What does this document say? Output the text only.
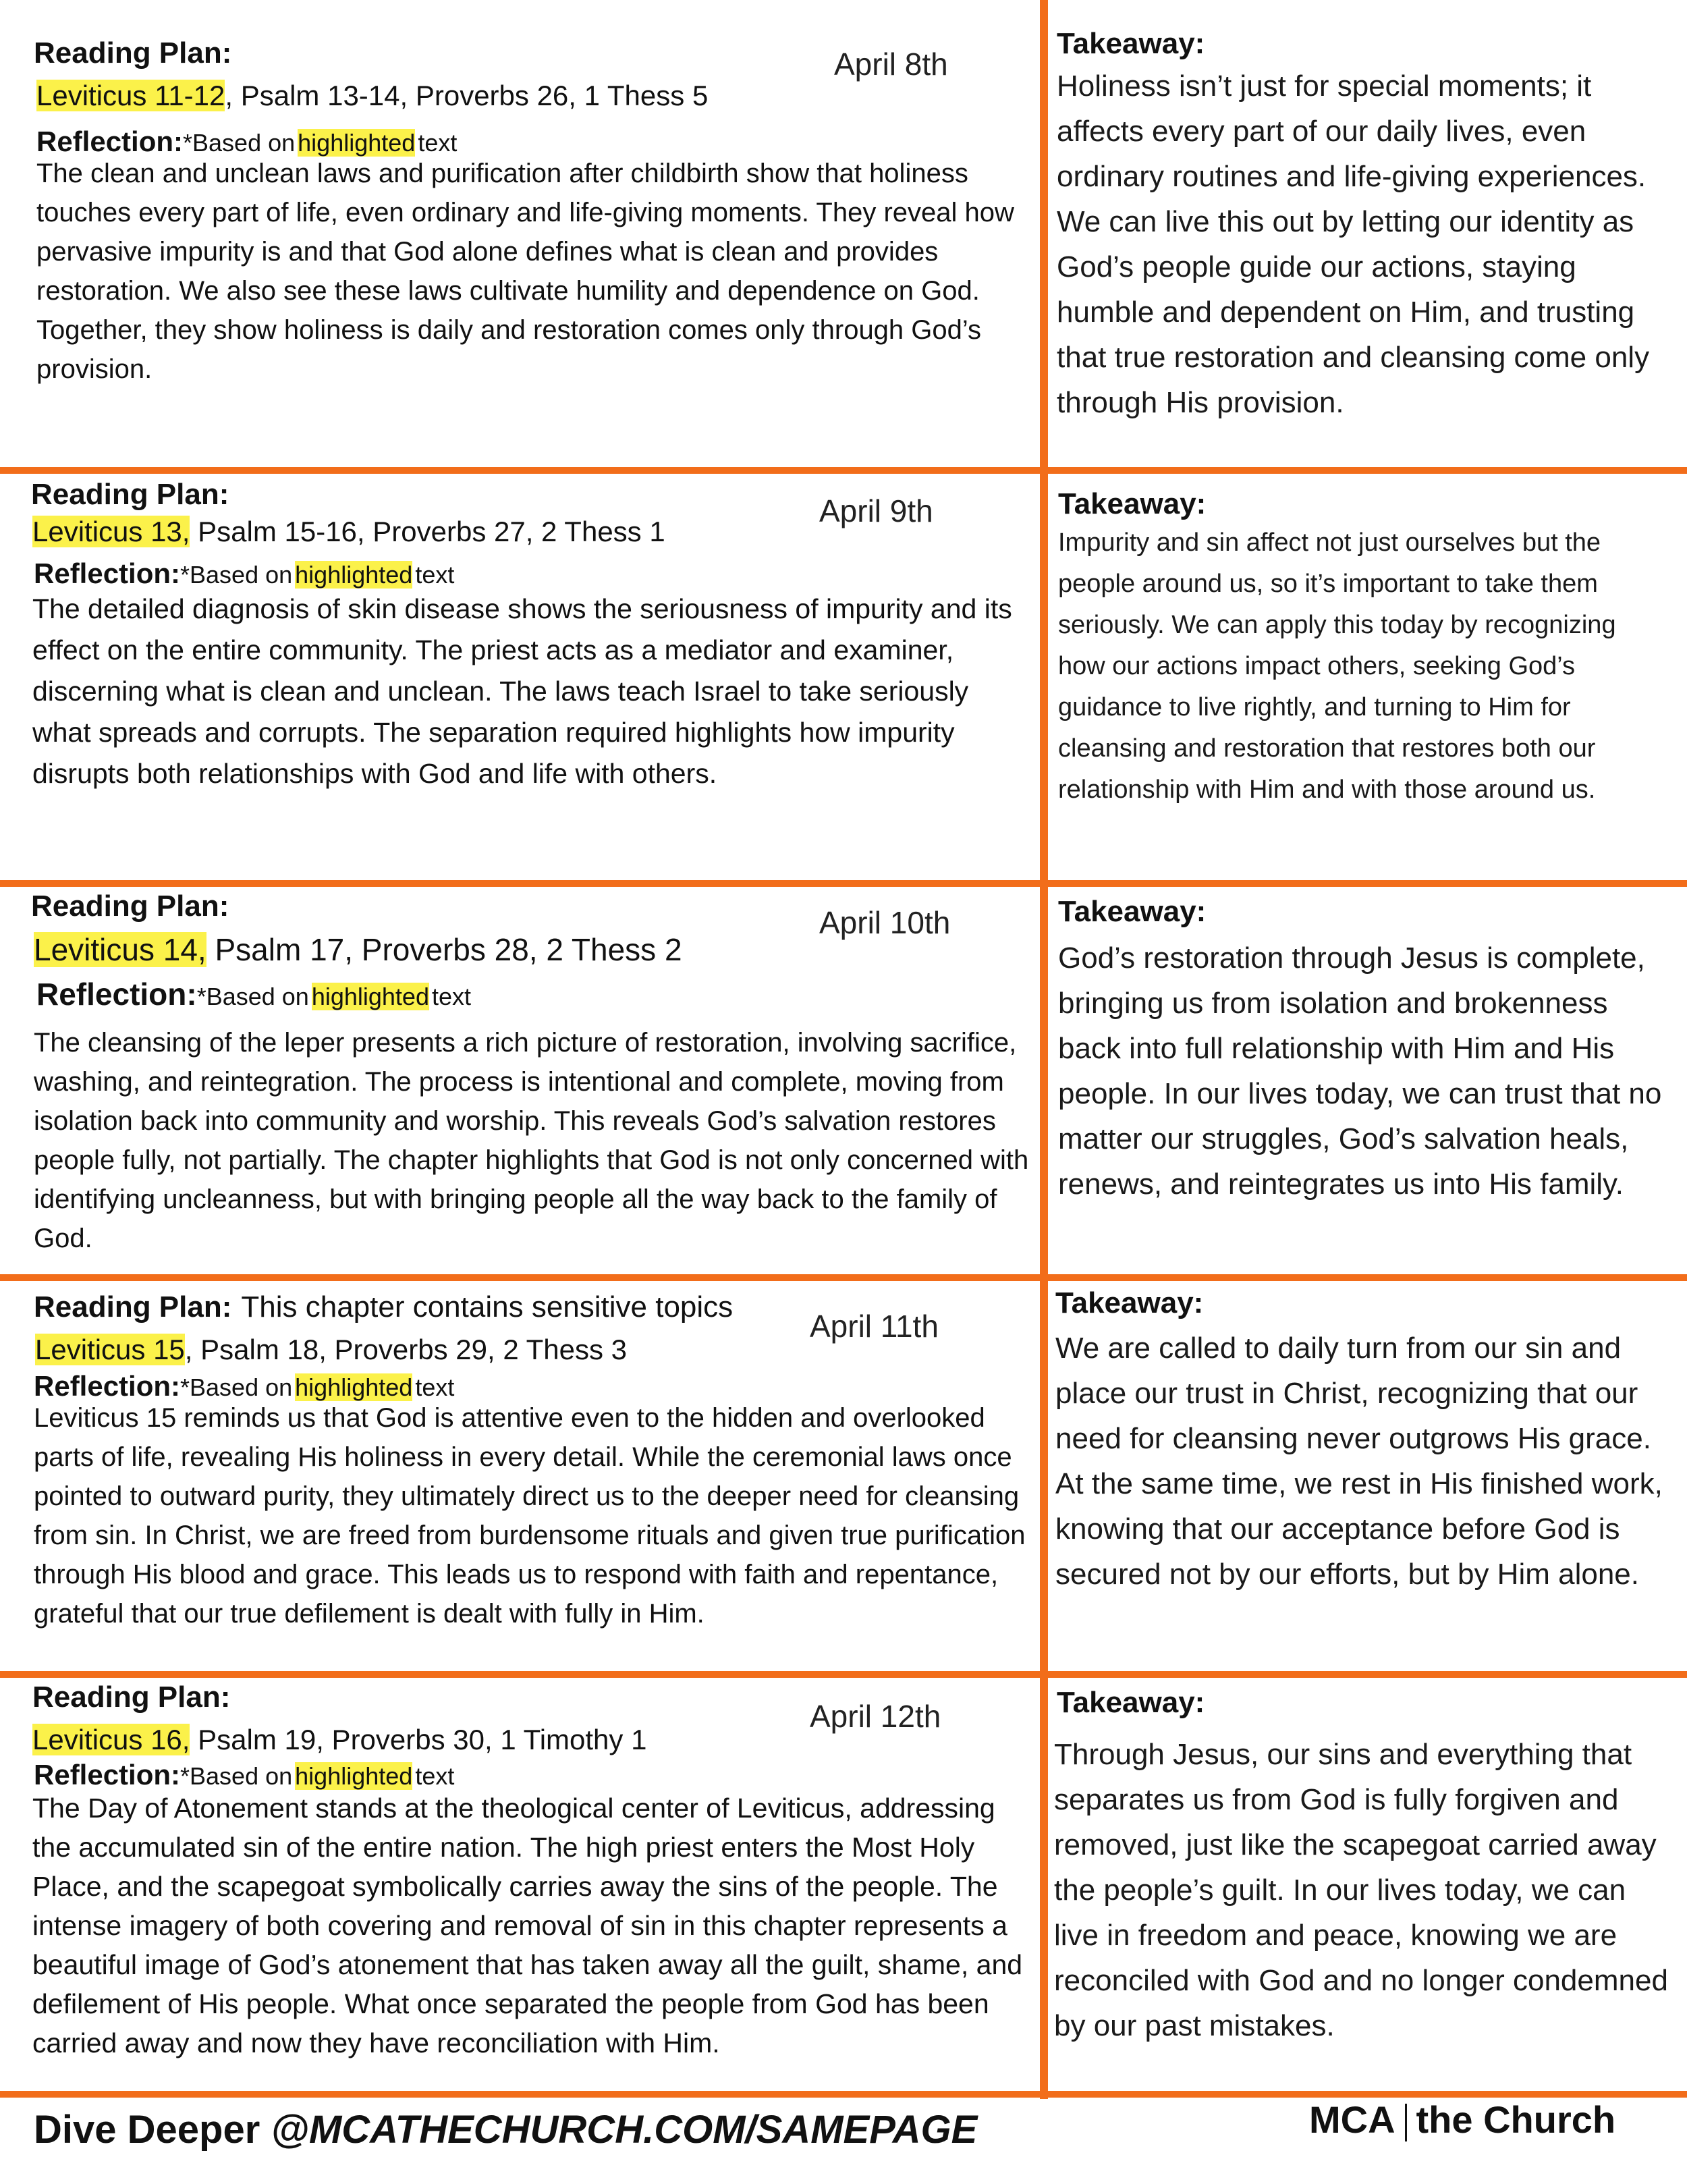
Reading Plan:	April 8th
Leviticus 11-12, Psalm 13-14, Proverbs 26, 1 Thess 5
Reflection:*Based on highlighted text
The clean and unclean laws and purification after childbirth show that holiness touches every part of life, even ordinary and life-giving moments. They reveal how pervasive impurity is and that God alone defines what is clean and provides restoration. We also see these laws cultivate humility and dependence on God. Together, they show holiness is daily and restoration comes only through God’s provision.
Takeaway:
Holiness isn’t just for special moments; it affects every part of our daily lives, even ordinary routines and life-giving experiences. We can live this out by letting our identity as God’s people guide our actions, staying humble and dependent on Him, and trusting that true restoration and cleansing come only through His provision.
Reading Plan:	April 9th
Leviticus 13, Psalm 15-16, Proverbs 27, 2 Thess 1
Reflection:*Based on highlighted text
The detailed diagnosis of skin disease shows the seriousness of impurity and its effect on the entire community. The priest acts as a mediator and examiner, discerning what is clean and unclean. The laws teach Israel to take seriously what spreads and corrupts. The separation required highlights how impurity disrupts both relationships with God and life with others.
Takeaway:
Impurity and sin affect not just ourselves but the people around us, so it’s important to take them seriously. We can apply this today by recognizing how our actions impact others, seeking God’s guidance to live rightly, and turning to Him for cleansing and restoration that restores both our relationship with Him and with those around us.
Reading Plan:	April 10th
Leviticus 14, Psalm 17, Proverbs 28, 2 Thess 2
Reflection:*Based on highlighted text
The cleansing of the leper presents a rich picture of restoration, involving sacrifice, washing, and reintegration. The process is intentional and complete, moving from isolation back into community and worship. This reveals God’s salvation restores people fully, not partially. The chapter highlights that God is not only concerned with identifying uncleanness, but with bringing people all the way back to the family of God.
Takeaway:
God’s restoration through Jesus is complete, bringing us from isolation and brokenness back into full relationship with Him and His people. In our lives today, we can trust that no matter our struggles, God’s salvation heals, renews, and reintegrates us into His family.
Reading Plan: This chapter contains sensitive topics
April 11th
Leviticus 15, Psalm 18, Proverbs 29, 2 Thess 3
Reflection:*Based on highlighted text
Leviticus 15 reminds us that God is attentive even to the hidden and overlooked parts of life, revealing His holiness in every detail. While the ceremonial laws once pointed to outward purity, they ultimately direct us to the deeper need for cleansing from sin. In Christ, we are freed from burdensome rituals and given true purification through His blood and grace. This leads us to respond with faith and repentance, grateful that our true defilement is dealt with fully in Him.
Takeaway:
We are called to daily turn from our sin and place our trust in Christ, recognizing that our need for cleansing never outgrows His grace. At the same time, we rest in His finished work, knowing that our acceptance before God is secured not by our efforts, but by Him alone.
Reading Plan:
April 12th
Leviticus 16, Psalm 19, Proverbs 30, 1 Timothy 1
Reflection:*Based on highlighted text
The Day of Atonement stands at the theological center of Leviticus, addressing the accumulated sin of the entire nation. The high priest enters the Most Holy Place, and the scapegoat symbolically carries away the sins of the people. The intense imagery of both covering and removal of sin in this chapter represents a beautiful image of God’s atonement that has taken away all the guilt, shame, and defilement of His people. What once separated the people from God has been carried away and now they have reconciliation with Him.
Takeaway:
Through Jesus, our sins and everything that separates us from God is fully forgiven and removed, just like the scapegoat carried away the people’s guilt. In our lives today, we can live in freedom and peace, knowing we are reconciled with God and no longer condemned by our past mistakes.
Dive Deeper @MCATHECHURCH.COM/SAMEPAGE	MCA the Church
